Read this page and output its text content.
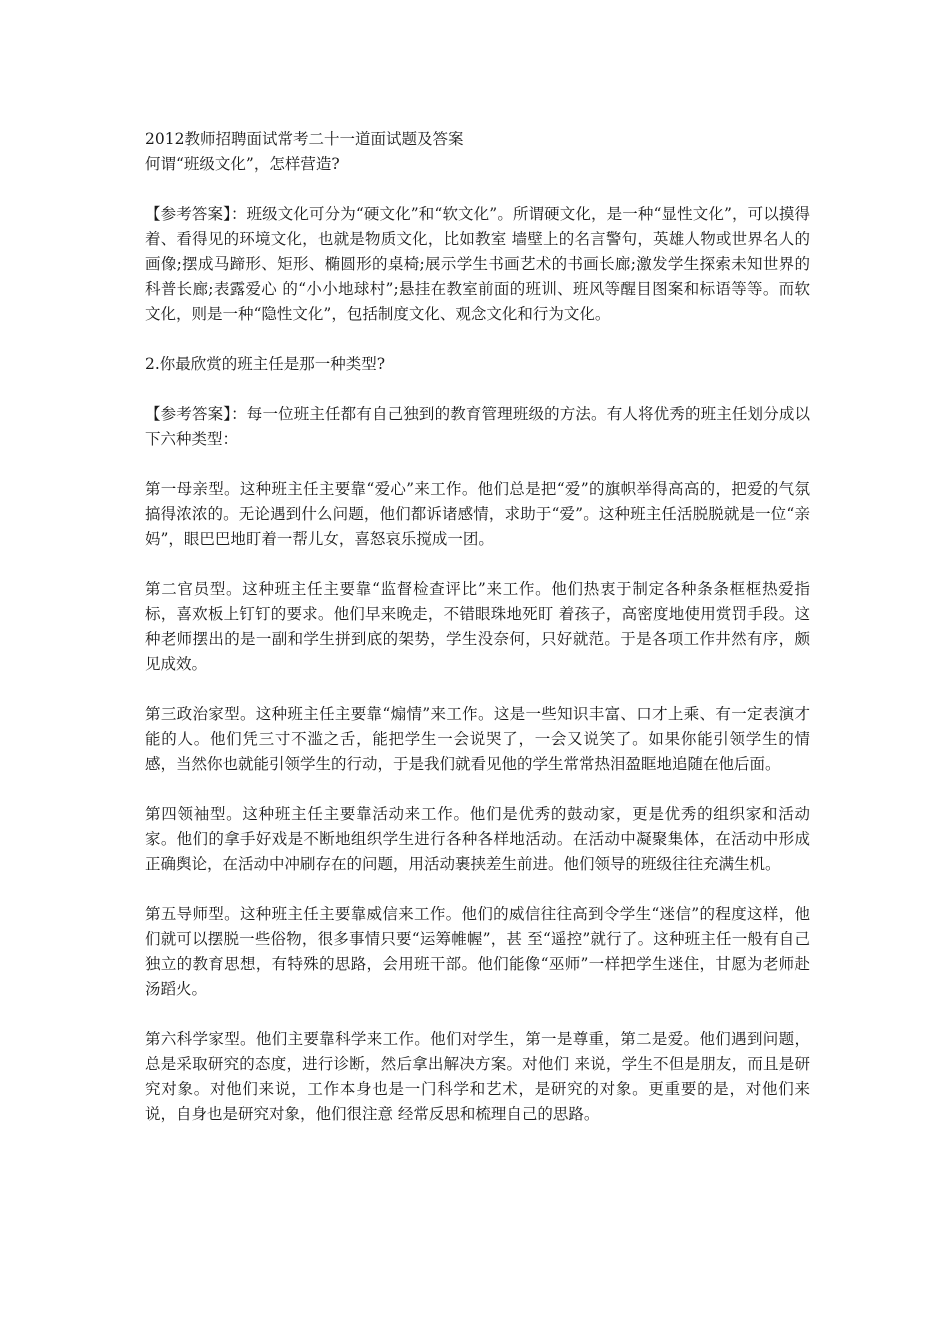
2012教师招聘面试常考二十一道面试题及答案

何谓“班级文化”，怎样营造?

【参考答案】：班级文化可分为“硬文化”和“软文化”。所谓硬文化，是一种“显性文化”，可以摸得着、看得见的环境文化，也就是物质文化，比如教室 墙壁上的名言警句，英雄人物或世界名人的画像;摆成马蹄形、矩形、椭圆形的桌椅;展示学生书画艺术的书画长廊;激发学生探索未知世界的科普长廊;表露爱心 的“小小地球村”;悬挂在教室前面的班训、班风等醒目图案和标语等等。而软文化，则是一种“隐性文化”，包括制度文化、观念文化和行为文化。

2.你最欣赏的班主任是那一种类型?

【参考答案】：每一位班主任都有自己独到的教育管理班级的方法。有人将优秀的班主任划分成以下六种类型：

第一母亲型。这种班主任主要靠“爱心”来工作。他们总是把“爱”的旗帜举得高高的，把爱的气氛搞得浓浓的。无论遇到什么问题，他们都诉诸感情，求助于“爱”。这种班主任活脱脱就是一位“亲妈”，眼巴巴地盯着一帮儿女，喜怒哀乐搅成一团。

第二官员型。这种班主任主要靠“监督检查评比”来工作。他们热衷于制定各种条条框框热爱指标，喜欢板上钉钉的要求。他们早来晚走，不错眼珠地死盯 着孩子，高密度地使用赏罚手段。这种老师摆出的是一副和学生拼到底的架势，学生没奈何，只好就范。于是各项工作井然有序，颇见成效。

第三政治家型。这种班主任主要靠“煽情”来工作。这是一些知识丰富、口才上乘、有一定表演才能的人。他们凭三寸不滥之舌，能把学生一会说哭了，一会又说笑了。如果你能引领学生的情感，当然你也就能引领学生的行动，于是我们就看见他的学生常常热泪盈眶地追随在他后面。

第四领袖型。这种班主任主要靠活动来工作。他们是优秀的鼓动家，更是优秀的组织家和活动家。他们的拿手好戏是不断地组织学生进行各种各样地活动。在活动中凝聚集体，在活动中形成正确舆论，在活动中冲刷存在的问题，用活动裹挟差生前进。他们领导的班级往往充满生机。

第五导师型。这种班主任主要靠威信来工作。他们的威信往往高到令学生“迷信”的程度这样，他们就可以摆脱一些俗物，很多事情只要“运筹帷幄”，甚 至“遥控”就行了。这种班主任一般有自己独立的教育思想，有特殊的思路，会用班干部。他们能像“巫师”一样把学生迷住，甘愿为老师赴汤蹈火。

第六科学家型。他们主要靠科学来工作。他们对学生，第一是尊重，第二是爱。他们遇到问题，总是采取研究的态度，进行诊断，然后拿出解决方案。对他们 来说，学生不但是朋友，而且是研究对象。对他们来说，工作本身也是一门科学和艺术，是研究的对象。更重要的是，对他们来说，自身也是研究对象，他们很注意 经常反思和梳理自己的思路。
